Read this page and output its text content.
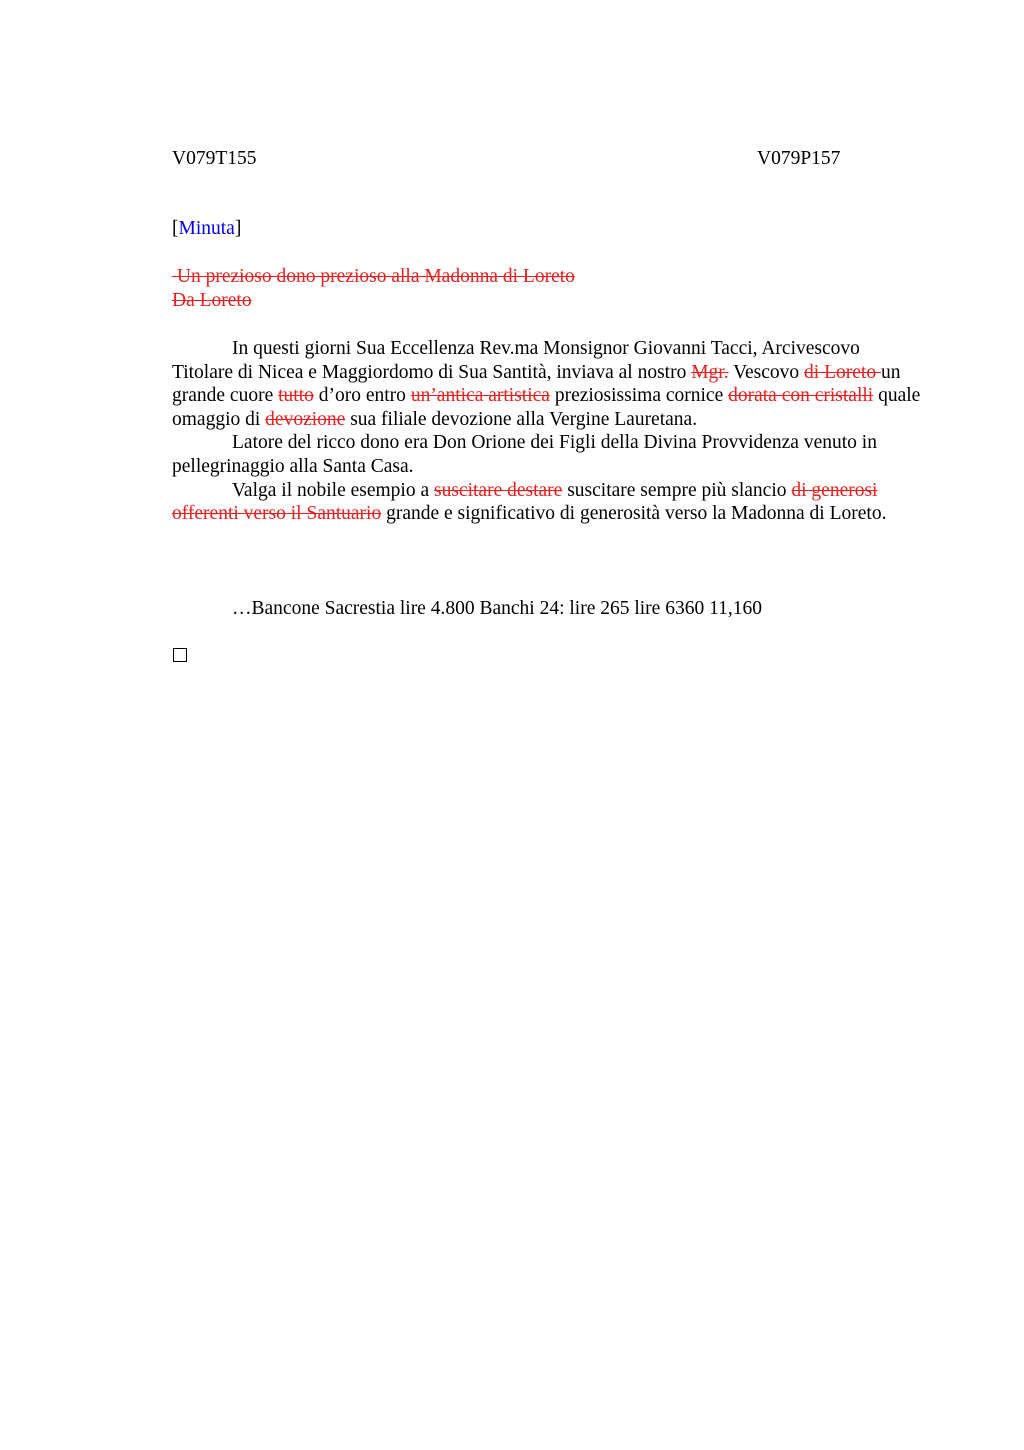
V079T155	V079P157
[Minuta]
Un prezioso dono prezioso alla Madonna di Loreto
Da Loreto

In questi giorni Sua Eccellenza Rev.ma Monsignor Giovanni Tacci, Arcivescovo Titolare di Nicea e Maggiordomo di Sua Santità, inviava al nostro Mgr. Vescovo di Loreto un grande cuore tutto d’oro entro un’antica artistica preziosissima cornice dorata con cristalli quale omaggio di devozione sua filiale devozione alla Vergine Lauretana.

Latore del ricco dono era Don Orione dei Figli della Divina Provvidenza venuto in pellegrinaggio alla Santa Casa.

Valga il nobile esempio a suscitare destare suscitare sempre più slancio di generosi offerenti verso il Santuario grande e significativo di generosità verso la Madonna di Loreto.

…Bancone Sacrestia lire 4.800 Banchi 24: lire 265 lire 6360 11,160
